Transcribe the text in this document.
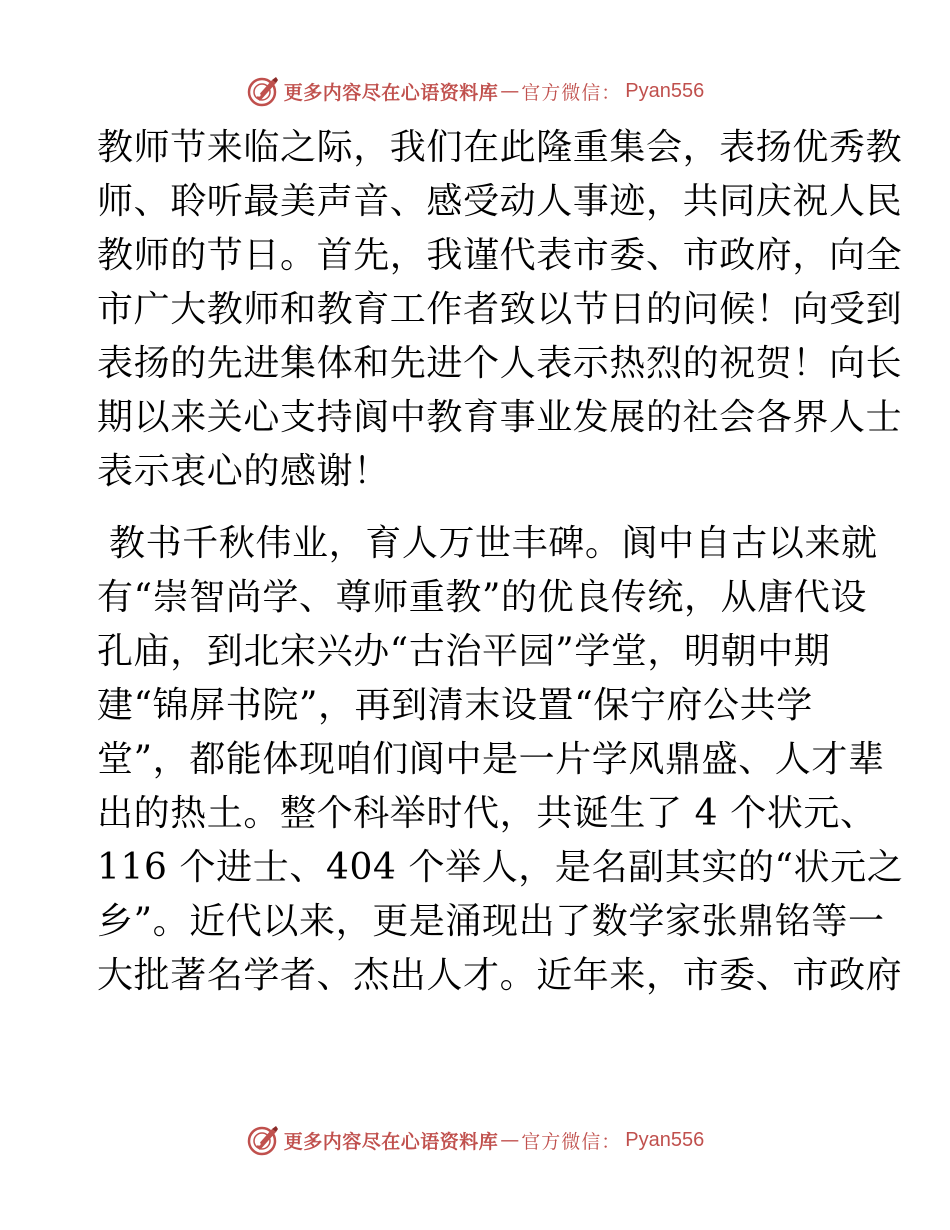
更多内容尽在心语资料库 — 官方微信： Pyan556
教师节来临之际，我们在此隆重集会，表扬优秀教
师、聆听最美声音、感受动人事迹，共同庆祝人民
教师的节日。首先，我谨代表市委、市政府，向全
市广大教师和教育工作者致以节日的问候！向受到
表扬的先进集体和先进个人表示热烈的祝贺！向长
期以来关心支持阆中教育事业发展的社会各界人士
表示衷心的感谢！
教书千秋伟业，育人万世丰碑。阆中自古以来就
有“崇智尚学、尊师重教”的优良传统，从唐代设
孔庙，到北宋兴办“古治平园”学堂，明朝中期
建“锦屏书院”，再到清末设置“保宁府公共学
堂”，都能体现咱们阆中是一片学风鼎盛、人才辈
出的热土。整个科举时代，共诞生了 4 个状元、
116 个进士、404 个举人，是名副其实的“状元之
乡”。近代以来，更是涌现出了数学家张鼎铭等一
大批著名学者、杰出人才。近年来，市委、市政府
更多内容尽在心语资料库 — 官方微信： Pyan556
